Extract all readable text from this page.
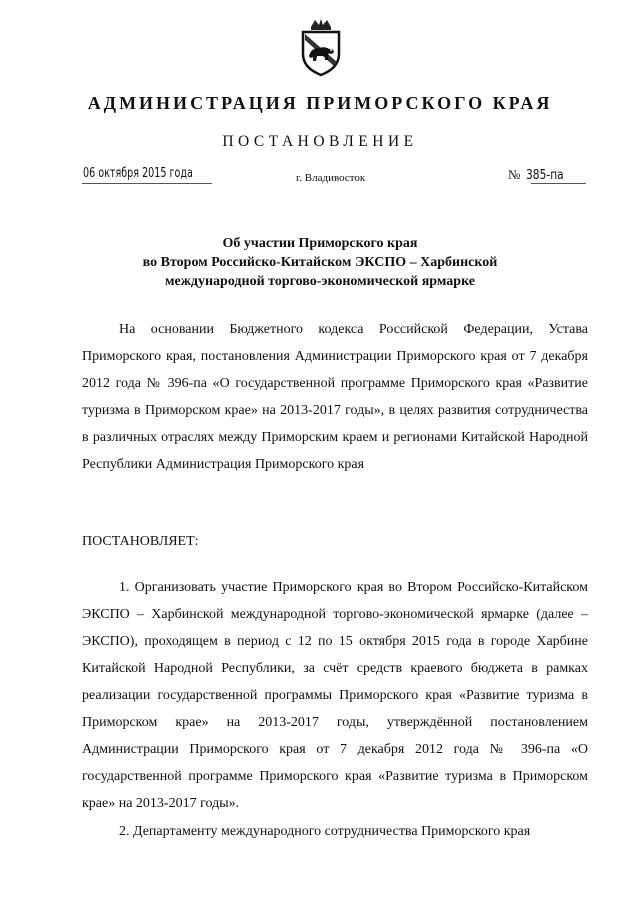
АДМИНИСТРАЦИЯ ПРИМОРСКОГО КРАЯ
ПОСТАНОВЛЕНИЕ
06 октября 2015 года	г. Владивосток	№ 385-па
Об участии Приморского края
во Втором Российско-Китайском ЭКСПО – Харбинской
международной торгово-экономической ярмарке
На основании Бюджетного кодекса Российской Федерации, Устава Приморского края, постановления Администрации Приморского края от 7 декабря 2012 года № 396-па «О государственной программе Приморского края «Развитие туризма в Приморском крае» на 2013-2017 годы», в целях развития сотрудничества в различных отраслях между Приморским краем и регионами Китайской Народной Республики Администрация Приморского края
ПОСТАНОВЛЯЕТ:
1. Организовать участие Приморского края во Втором Российско-Китайском ЭКСПО – Харбинской международной торгово-экономической ярмарке (далее – ЭКСПО), проходящем в период с 12 по 15 октября 2015 года в городе Харбине Китайской Народной Республики, за счёт средств краевого бюджета в рамках реализации государственной программы Приморского края «Развитие туризма в Приморском крае» на 2013-2017 годы, утверждённой постановлением Администрации Приморского края от 7 декабря 2012 года № 396-па «О государственной программе Приморского края «Развитие туризма в Приморском крае» на 2013-2017 годы».
2. Департаменту международного сотрудничества Приморского края
